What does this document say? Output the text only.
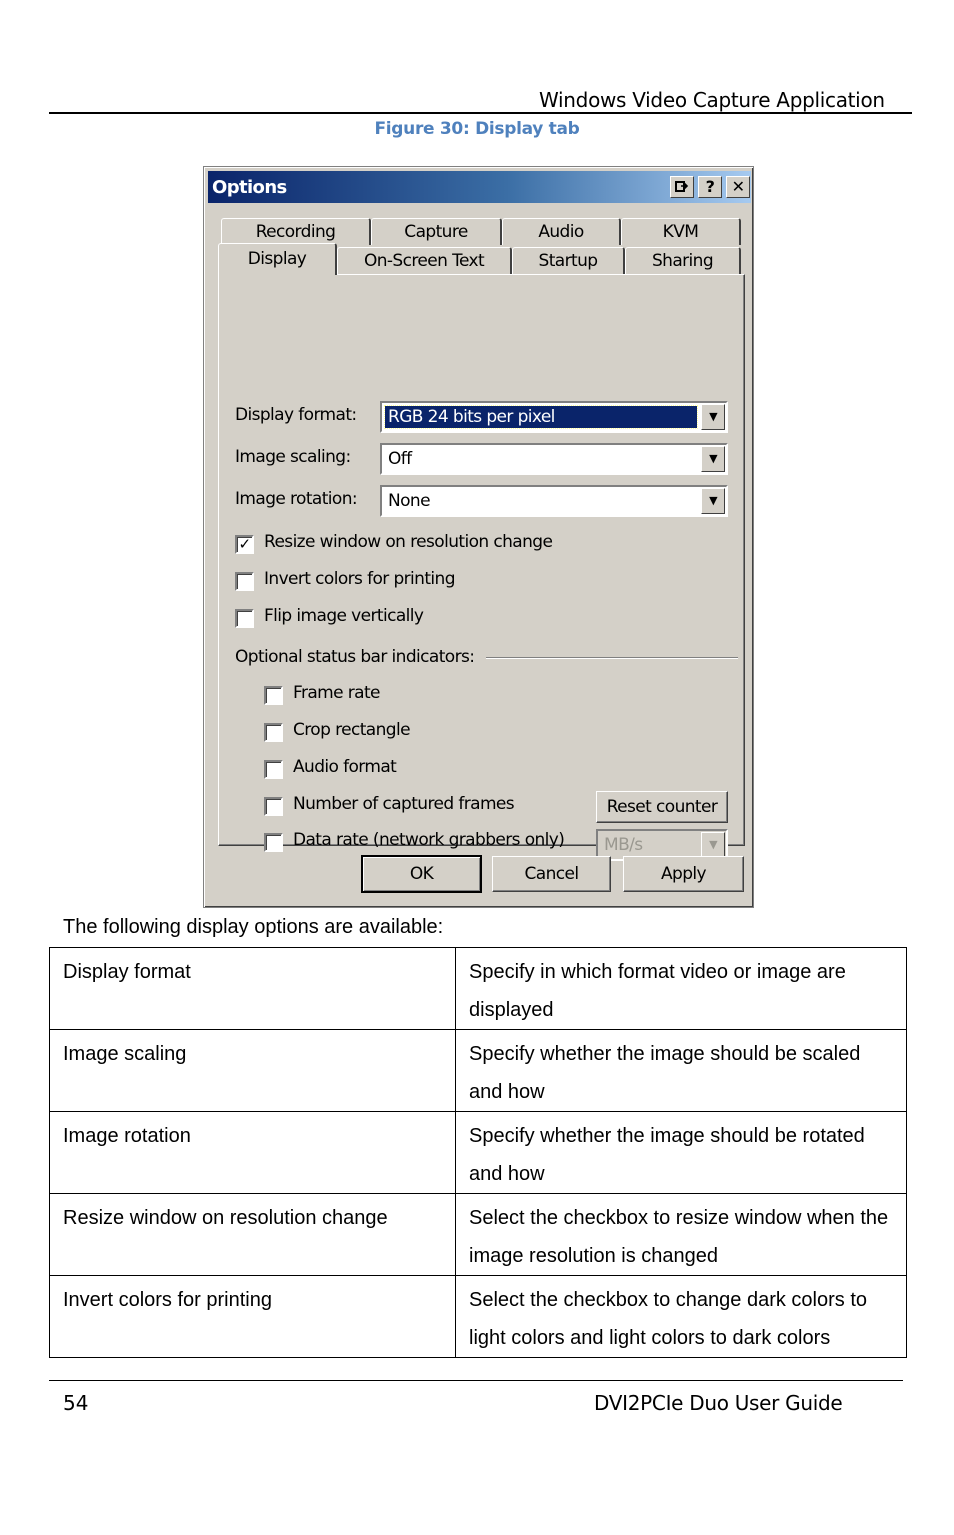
Windows Video Capture Application
Figure 30: Display tab
Options	?	✕
Recording	Capture	Audio	KVM
Display	On-Screen Text	Startup	Sharing
Display format: RGB 24 bits per pixel	▼
Image scaling: Off	▼
Image rotation: None	▼
✓ Resize window on resolution change
Invert colors for printing
Flip image vertically
Optional status bar indicators:
Frame rate
Crop rectangle
Audio format
Number of captured frames
Data rate (network grabbers only)
Reset counter
MB/s	▼
OK	Cancel	Apply
The following display options are available:
Display format	Specify in which format video or image are displayed
Image scaling	Specify whether the image should be scaled and how
Image rotation	Specify whether the image should be rotated and how
Resize window on resolution change	Select the checkbox to resize window when the image resolution is changed
Invert colors for printing	Select the checkbox to change dark colors to light colors and light colors to dark colors
54	DVI2PCIe Duo User Guide
